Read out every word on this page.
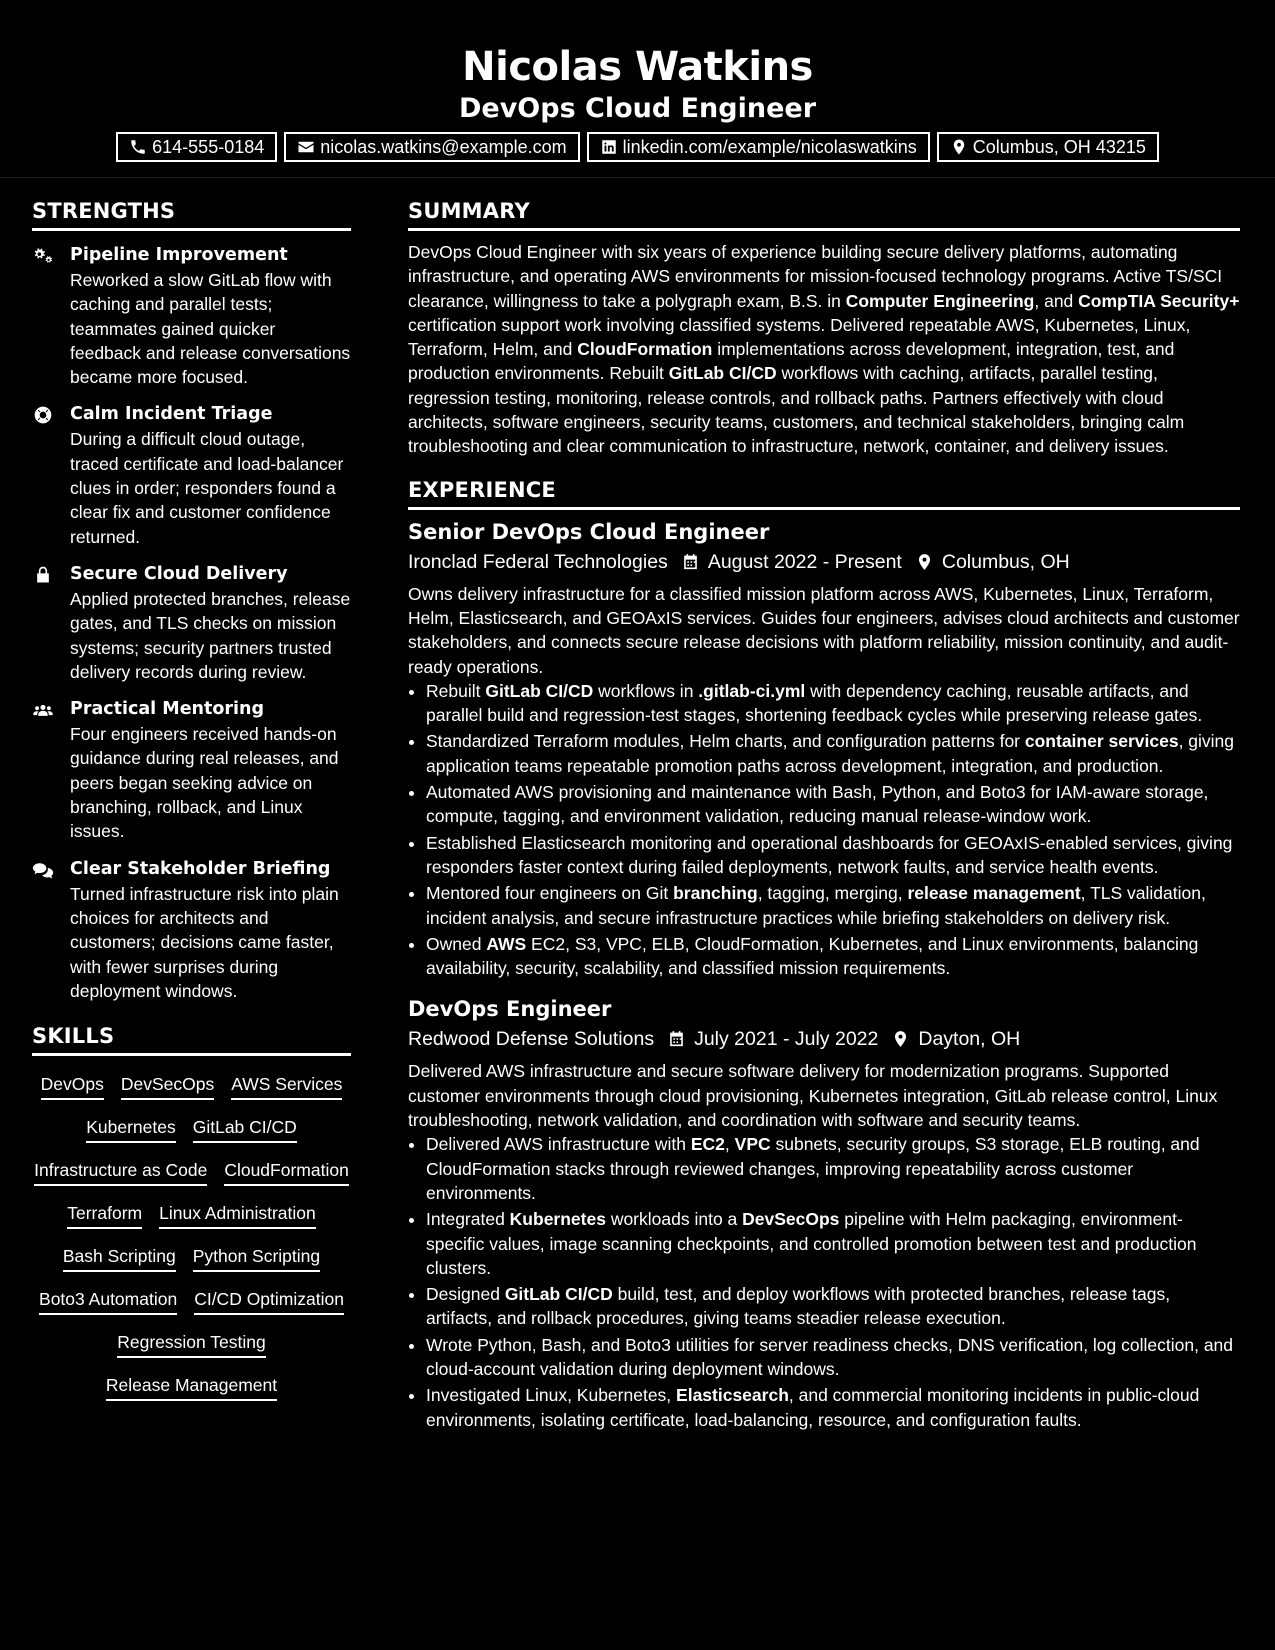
Nicolas Watkins
DevOps Cloud Engineer
614-555-0184	nicolas.watkins@example.com	linkedin.com/example/nicolaswatkins	Columbus, OH 43215
STRENGTHS
Pipeline Improvement
Reworked a slow GitLab flow with caching and parallel tests; teammates gained quicker feedback and release conversations became more focused.
Calm Incident Triage
During a difficult cloud outage, traced certificate and load-balancer clues in order; responders found a clear fix and customer confidence returned.
Secure Cloud Delivery
Applied protected branches, release gates, and TLS checks on mission systems; security partners trusted delivery records during review.
Practical Mentoring
Four engineers received hands-on guidance during real releases, and peers began seeking advice on branching, rollback, and Linux issues.
Clear Stakeholder Briefing
Turned infrastructure risk into plain choices for architects and customers; decisions came faster, with fewer surprises during deployment windows.
SKILLS
DevOps DevSecOps AWS Services
Kubernetes GitLab CI/CD
Infrastructure as Code CloudFormation
Terraform Linux Administration
Bash Scripting Python Scripting
Boto3 Automation CI/CD Optimization
Regression Testing
Release Management
SUMMARY

DevOps Cloud Engineer with six years of experience building secure delivery platforms, automating infrastructure, and operating AWS environments for mission-focused technology programs. Active TS/SCI clearance, willingness to take a polygraph exam, B.S. in Computer Engineering, and CompTIA Security+ certification support work involving classified systems. Delivered repeatable AWS, Kubernetes, Linux, Terraform, Helm, and CloudFormation implementations across development, integration, test, and production environments. Rebuilt GitLab CI/CD workflows with caching, artifacts, parallel testing, regression testing, monitoring, release controls, and rollback paths. Partners effectively with cloud architects, software engineers, security teams, customers, and technical stakeholders, bringing calm troubleshooting and clear communication to infrastructure, network, container, and delivery issues.

EXPERIENCE
Senior DevOps Cloud Engineer
Ironclad Federal Technologies August 2022 - Present Columbus, OH

Owns delivery infrastructure for a classified mission platform across AWS, Kubernetes, Linux, Terraform, Helm, Elasticsearch, and GEOAxIS services. Guides four engineers, advises cloud architects and customer stakeholders, and connects secure release decisions with platform reliability, mission continuity, and audit-ready operations.

• Rebuilt GitLab CI/CD workflows in .gitlab-ci.yml with dependency caching, reusable artifacts, and parallel build and regression-test stages, shortening feedback cycles while preserving release gates.
• Standardized Terraform modules, Helm charts, and configuration patterns for container services, giving application teams repeatable promotion paths across development, integration, and production.
• Automated AWS provisioning and maintenance with Bash, Python, and Boto3 for IAM-aware storage, compute, tagging, and environment validation, reducing manual release-window work.
• Established Elasticsearch monitoring and operational dashboards for GEOAxIS-enabled services, giving responders faster context during failed deployments, network faults, and service health events.
• Mentored four engineers on Git branching, tagging, merging, release management, TLS validation, incident analysis, and secure infrastructure practices while briefing stakeholders on delivery risk.
• Owned AWS EC2, S3, VPC, ELB, CloudFormation, Kubernetes, and Linux environments, balancing availability, security, scalability, and classified mission requirements.
DevOps Engineer
Redwood Defense Solutions July 2021 - July 2022 Dayton, OH

Delivered AWS infrastructure and secure software delivery for modernization programs. Supported customer environments through cloud provisioning, Kubernetes integration, GitLab release control, Linux troubleshooting, network validation, and coordination with software and security teams.

• Delivered AWS infrastructure with EC2, VPC subnets, security groups, S3 storage, ELB routing, and CloudFormation stacks through reviewed changes, improving repeatability across customer environments.
• Integrated Kubernetes workloads into a DevSecOps pipeline with Helm packaging, environment-specific values, image scanning checkpoints, and controlled promotion between test and production clusters.
• Designed GitLab CI/CD build, test, and deploy workflows with protected branches, release tags, artifacts, and rollback procedures, giving teams steadier release execution.
• Wrote Python, Bash, and Boto3 utilities for server readiness checks, DNS verification, log collection, and cloud-account validation during deployment windows.
• Investigated Linux, Kubernetes, Elasticsearch, and commercial monitoring incidents in public-cloud environments, isolating certificate, load-balancing, resource, and configuration faults.
